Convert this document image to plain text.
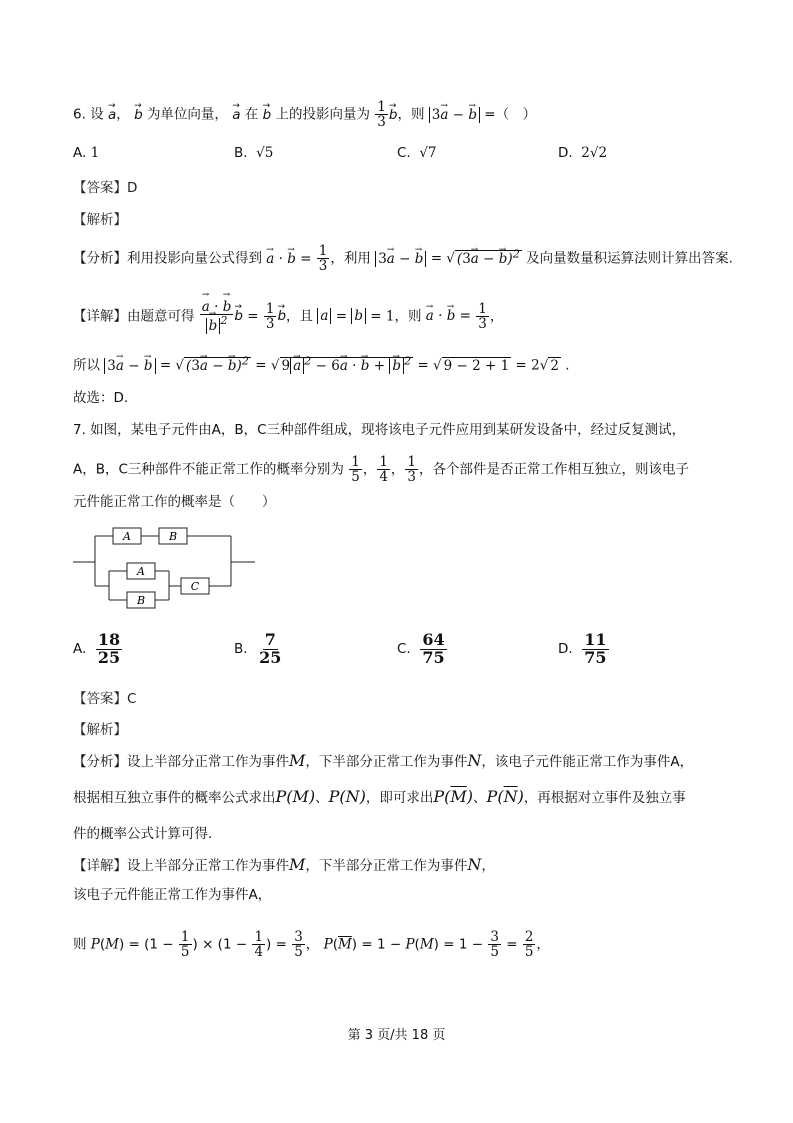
6. 设 → a， → b 为单位向量， → a 在 → b 上的投影向量为 $\frac{1}{3} \to b$，则 3→ a − → b =（　）
A. 1	B. √5	C. √7	D. 2√2
【答案】D
【解析】
【分析】利用投影向量公式得到 → a · → $b = \frac{1}{3}$ ，利用 3→ a − → b = √ (3→ a − → b)$^2$ 及向量数量积运算法则计算出答案.
【详解】由题意可得 → a · → b
→ b $^2 \to b = \frac{1}{3} \to b$，且 a = b = 1，则 → a · → $b = \frac{1}{3}$ ，
所以 3→ a − → b = √ (3→ a − → b)$^2$ = √ 9 → a $^2$ − 6→ a · → b + → b $^2$ = √ 9 − 2 + 1 = 2√ 2 .
故选：D.
7. 如图，某电子元件由A，B，C三种部件组成，现将该电子元件应用到某研发设备中，经过反复测试，
A，B，C三种部件不能正常工作的概率分别为 $\frac{1}{5}$ ， $\frac{1}{4}$ ， $\frac{1}{3}$ ，各个部件是否正常工作相互独立，则该电子
元件能正常工作的概率是（　　）
A	B
A
B
C
A. $\frac{18}{25}$	B. $\frac{7}{25}$	C. $\frac{64}{75}$	D. $\frac{11}{75}$
【答案】C
【解析】
【分析】设上半部分正常工作为事件M，下半部分正常工作为事件N，该电子元件能正常工作为事件A，
根据相互独立事件的概率公式求出P(M)、P(N)，即可求出$P(\overline{M})$、$P(\overline{N})$，再根据对立事件及独立事
件的概率公式计算可得.
【详解】设上半部分正常工作为事件M，下半部分正常工作为事件N，
该电子元件能正常工作为事件A，
则 $P(M) = (1 - \frac{1}{5}$ ) × ($1 - \frac{1}{4}$ ) = $\frac{3}{5}$ ， $P(\overline{M}) = 1 - P(M) = 1 - \frac{3}{5} = \frac{2}{5}$ ，
第 3 页/共 18 页
